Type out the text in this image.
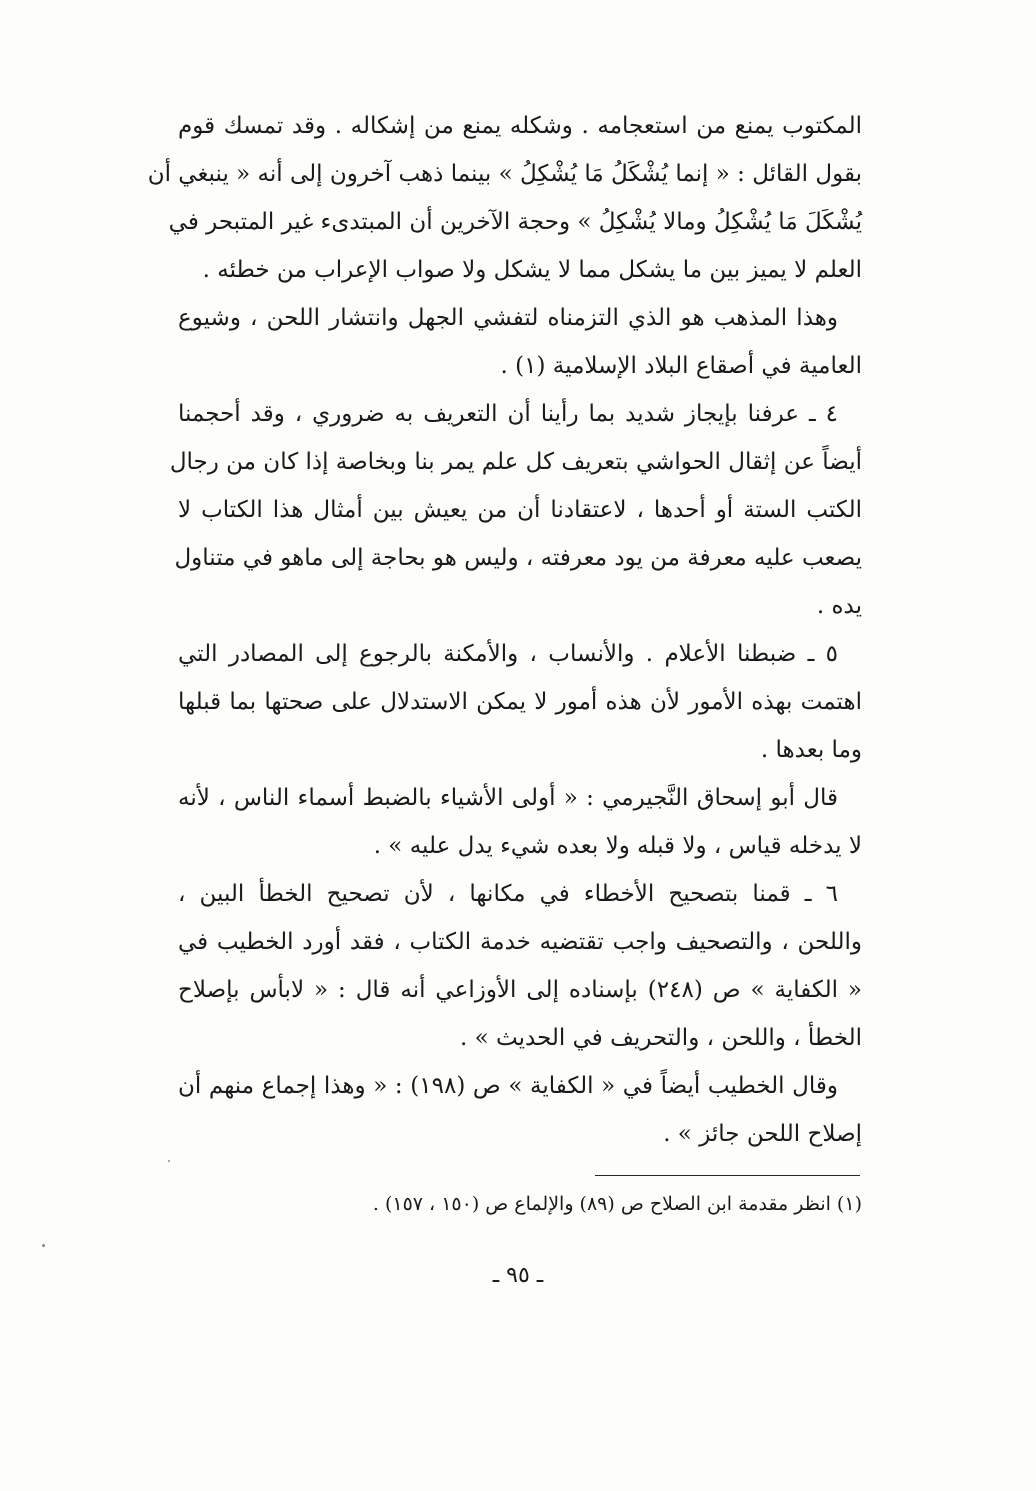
المكتوب يمنع من استعجامه . وشكله يمنع من إشكاله . وقد تمسك قوم
بقول القائل : « إنما يُشْكَلُ مَا يُشْكِلُ » بينما ذهب آخرون إلى أنه « ينبغي أن
يُشْكَلَ مَا يُشْكِلُ ومالا يُشْكِلُ » وحجة الآخرين أن المبتدىء غير المتبحر في
العلم لا يميز بين ما يشكل مما لا يشكل ولا صواب الإعراب من خطئه .
وهذا المذهب هو الذي التزمناه لتفشي الجهل وانتشار اللحن ، وشيوع
العامية في أصقاع البلاد الإسلامية (١) .
٤ ـ عرفنا بإيجاز شديد بما رأينا أن التعريف به ضروري ، وقد أحجمنا
أيضاً عن إثقال الحواشي بتعريف كل علم يمر بنا وبخاصة إذا كان من رجال
الكتب الستة أو أحدها ، لاعتقادنا أن من يعيش بين أمثال هذا الكتاب لا
يصعب عليه معرفة من يود معرفته ، وليس هو بحاجة إلى ماهو في متناول
يده .
٥ ـ ضبطنا الأعلام . والأنساب ، والأمكنة بالرجوع إلى المصادر التي
اهتمت بهذه الأمور لأن هذه أمور لا يمكن الاستدلال على صحتها بما قبلها
وما بعدها .
قال أبو إسحاق النَّجيرمي : « أولى الأشياء بالضبط أسماء الناس ، لأنه
لا يدخله قياس ، ولا قبله ولا بعده شيء يدل عليه » .
٦ ـ قمنا بتصحيح الأخطاء في مكانها ، لأن تصحيح الخطأ البين ،
واللحن ، والتصحيف واجب تقتضيه خدمة الكتاب ، فقد أورد الخطيب في
« الكفاية » ص (٢٤٨) بإسناده إلى الأوزاعي أنه قال : « لابأس بإصلاح
الخطأ ، واللحن ، والتحريف في الحديث » .
وقال الخطيب أيضاً في « الكفاية » ص (١٩٨) : « وهذا إجماع منهم أن
إصلاح اللحن جائز » .
(١) انظر مقدمة ابن الصلاح ص (٨٩) والإلماع ص (١٥٠ ، ١٥٧) .
ـ ٩٥ ـ
